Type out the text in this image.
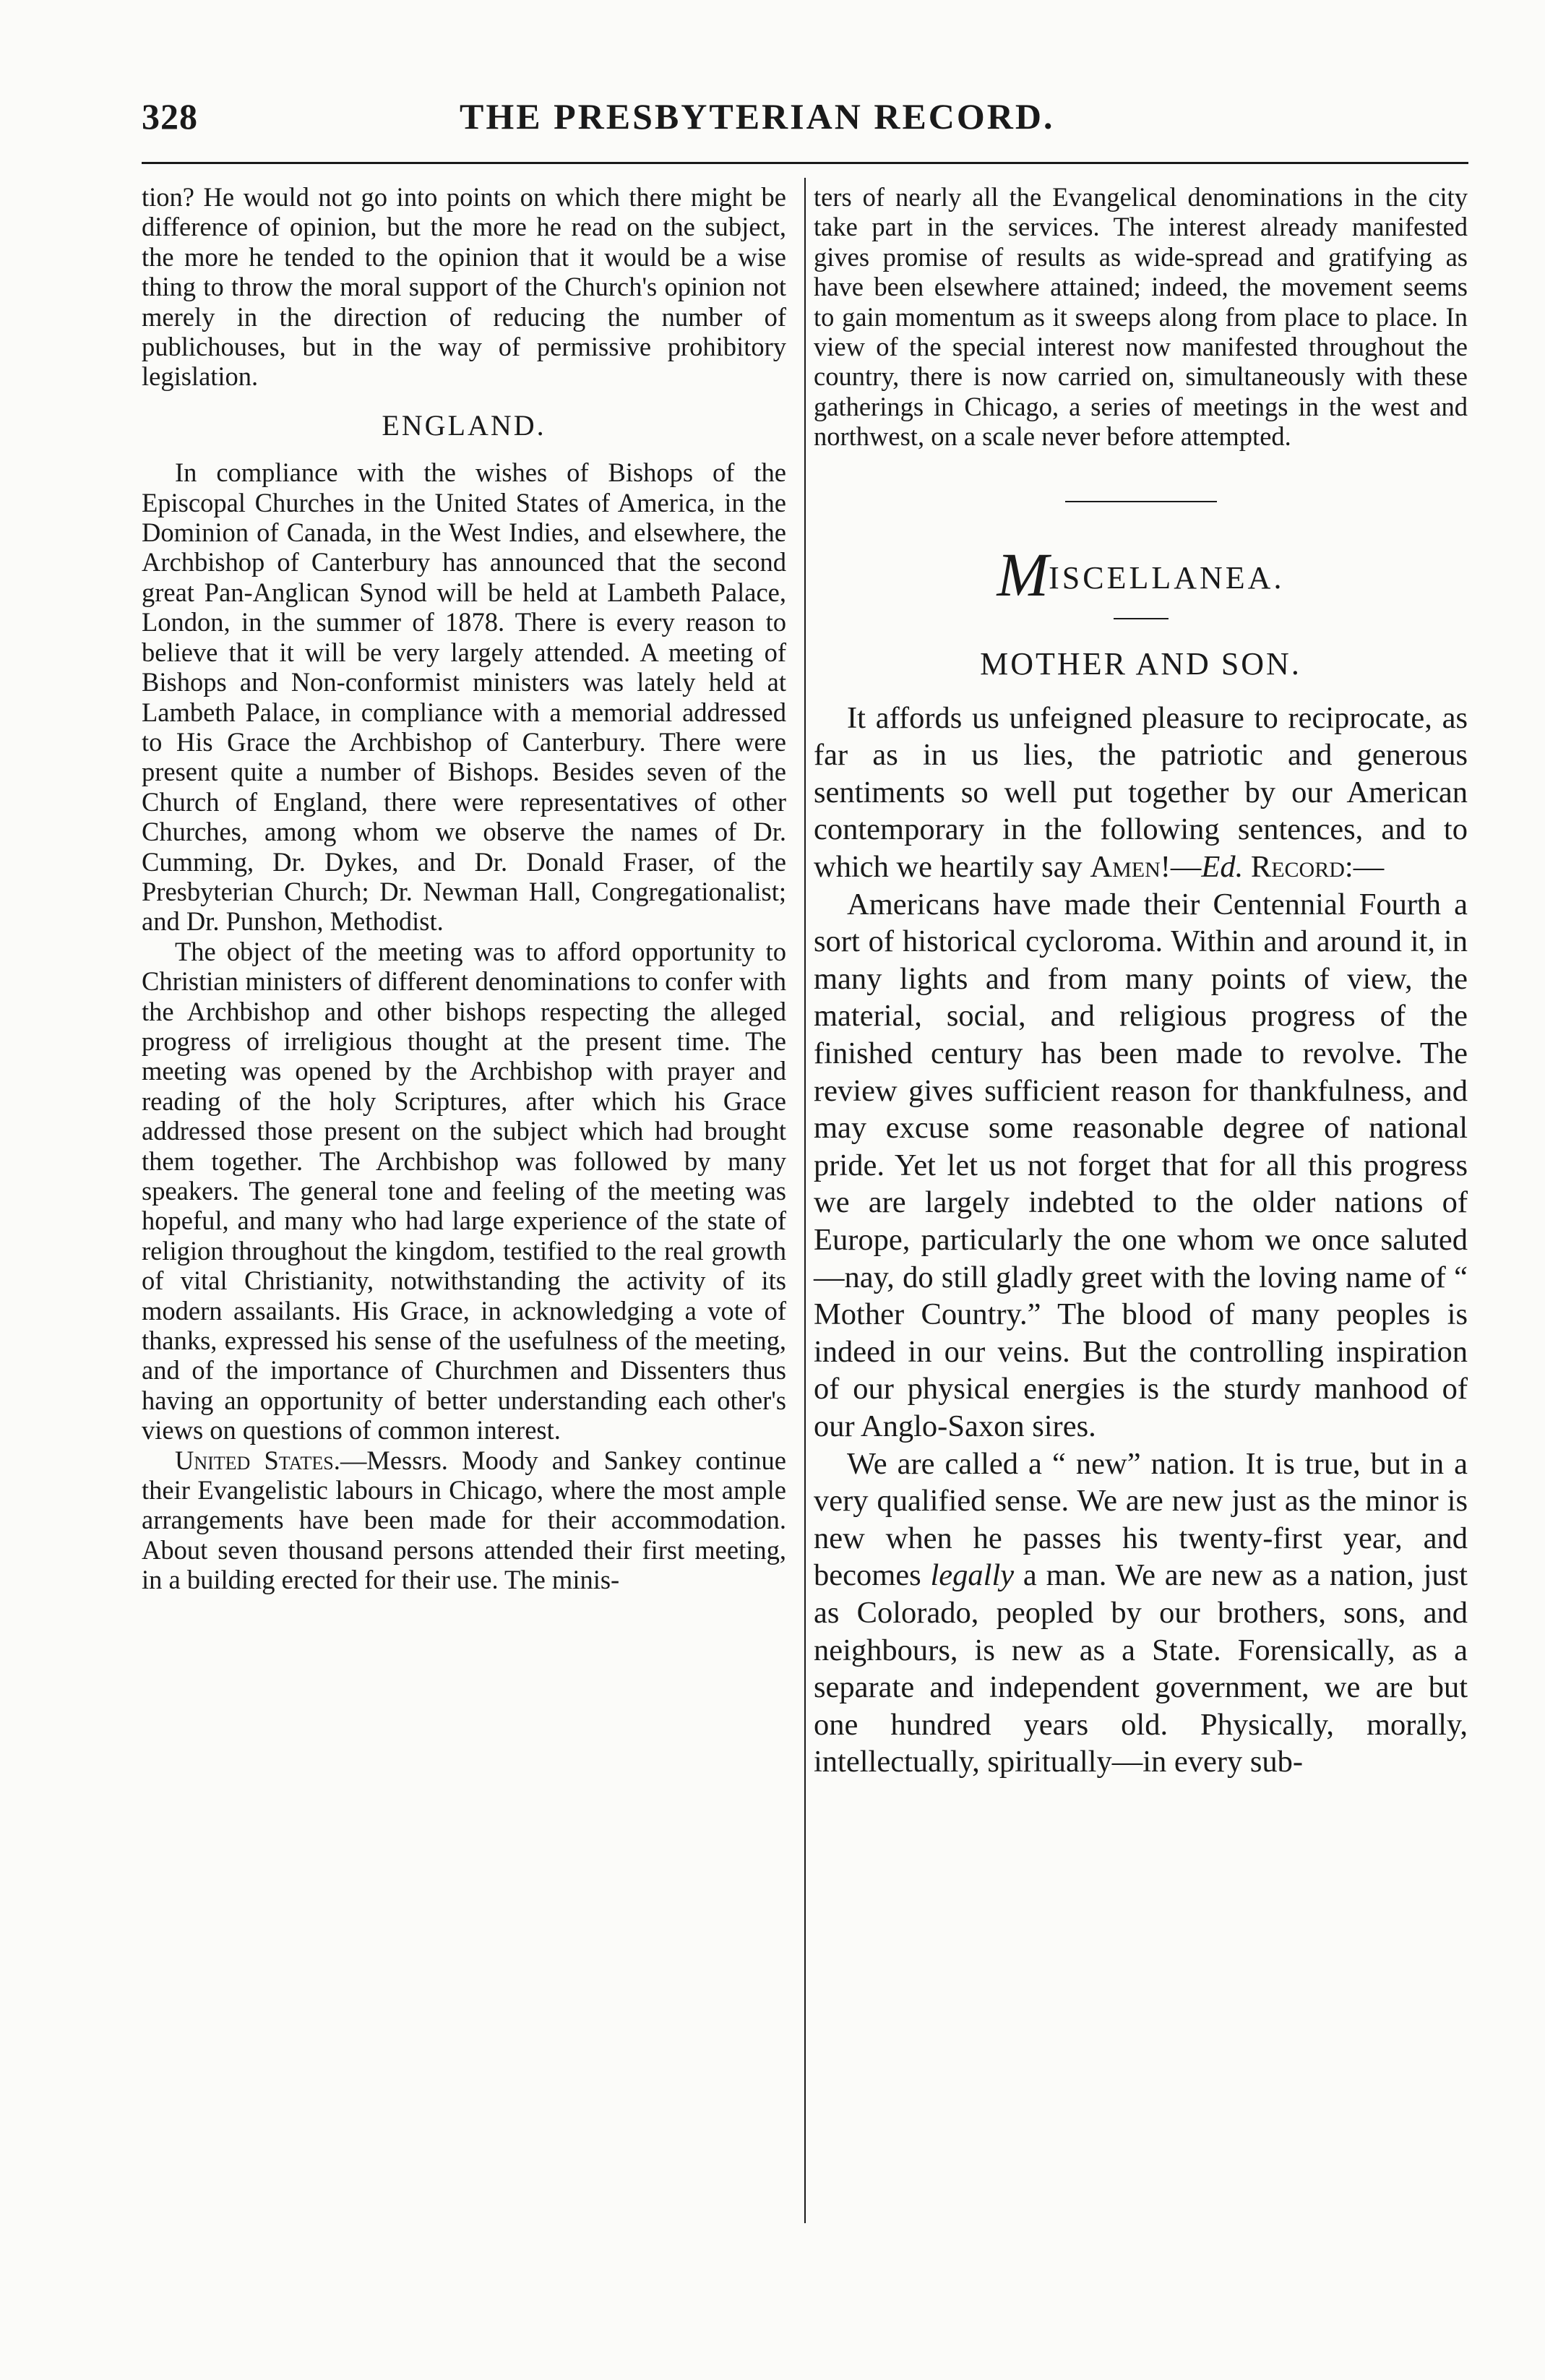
328	THE PRESBYTERIAN RECORD.

tion? He would not go into points on which there might be difference of opinion, but the more he read on the subject, the more he tended to the opinion that it would be a wise thing to throw the moral support of the Church's opinion not merely in the direction of reducing the number of publichouses, but in the way of permissive prohibitory legislation.

ENGLAND.

In compliance with the wishes of Bishops of the Episcopal Churches in the United States of America, in the Dominion of Canada, in the West Indies, and elsewhere, the Archbishop of Canterbury has announced that the second great Pan-Anglican Synod will be held at Lambeth Palace, London, in the summer of 1878. There is every reason to believe that it will be very largely attended. A meeting of Bishops and Non-conformist ministers was lately held at Lambeth Palace, in compliance with a memorial addressed to His Grace the Archbishop of Canterbury. There were present quite a number of Bishops. Besides seven of the Church of England, there were representatives of other Churches, among whom we observe the names of Dr. Cumming, Dr. Dykes, and Dr. Donald Fraser, of the Presbyterian Church; Dr. Newman Hall, Congregationalist; and Dr. Punshon, Methodist.

The object of the meeting was to afford opportunity to Christian ministers of different denominations to confer with the Archbishop and other bishops respecting the alleged progress of irreligious thought at the present time. The meeting was opened by the Archbishop with prayer and reading of the holy Scriptures, after which his Grace addressed those present on the subject which had brought them together. The Archbishop was followed by many speakers. The general tone and feeling of the meeting was hopeful, and many who had large experience of the state of religion throughout the kingdom, testified to the real growth of vital Christianity, notwithstanding the activity of its modern assailants. His Grace, in acknowledging a vote of thanks, expressed his sense of the usefulness of the meeting, and of the importance of Churchmen and Dissenters thus having an opportunity of better understanding each other's views on questions of common interest.

United States.—Messrs. Moody and Sankey continue their Evangelistic labours in Chicago, where the most ample arrangements have been made for their accommodation. About seven thousand persons attended their first meeting, in a building erected for their use. The minis-

ters of nearly all the Evangelical denominations in the city take part in the services. The interest already manifested gives promise of results as wide-spread and gratifying as have been elsewhere attained; indeed, the movement seems to gain momentum as it sweeps along from place to place. In view of the special interest now manifested throughout the country, there is now carried on, simultaneously with these gatherings in Chicago, a series of meetings in the west and northwest, on a scale never before attempted.

MISCELLANEA.
MOTHER AND SON.

It affords us unfeigned pleasure to reciprocate, as far as in us lies, the patriotic and generous sentiments so well put together by our American contemporary in the following sentences, and to which we heartily say Amen!—Ed. Record:—

Americans have made their Centennial Fourth a sort of historical cycloroma. Within and around it, in many lights and from many points of view, the material, social, and religious progress of the finished century has been made to revolve. The review gives sufficient reason for thankfulness, and may excuse some reasonable degree of national pride. Yet let us not forget that for all this progress we are largely indebted to the older nations of Europe, particularly the one whom we once saluted—nay, do still gladly greet with the loving name of “ Mother Country.” The blood of many peoples is indeed in our veins. But the controlling inspiration of our physical energies is the sturdy manhood of our Anglo-Saxon sires.

We are called a “ new” nation. It is true, but in a very qualified sense. We are new just as the minor is new when he passes his twenty-first year, and becomes legally a man. We are new as a nation, just as Colorado, peopled by our brothers, sons, and neighbours, is new as a State. Forensically, as a separate and independent government, we are but one hundred years old. Physically, morally, intellectually, spiritually—in every sub-
